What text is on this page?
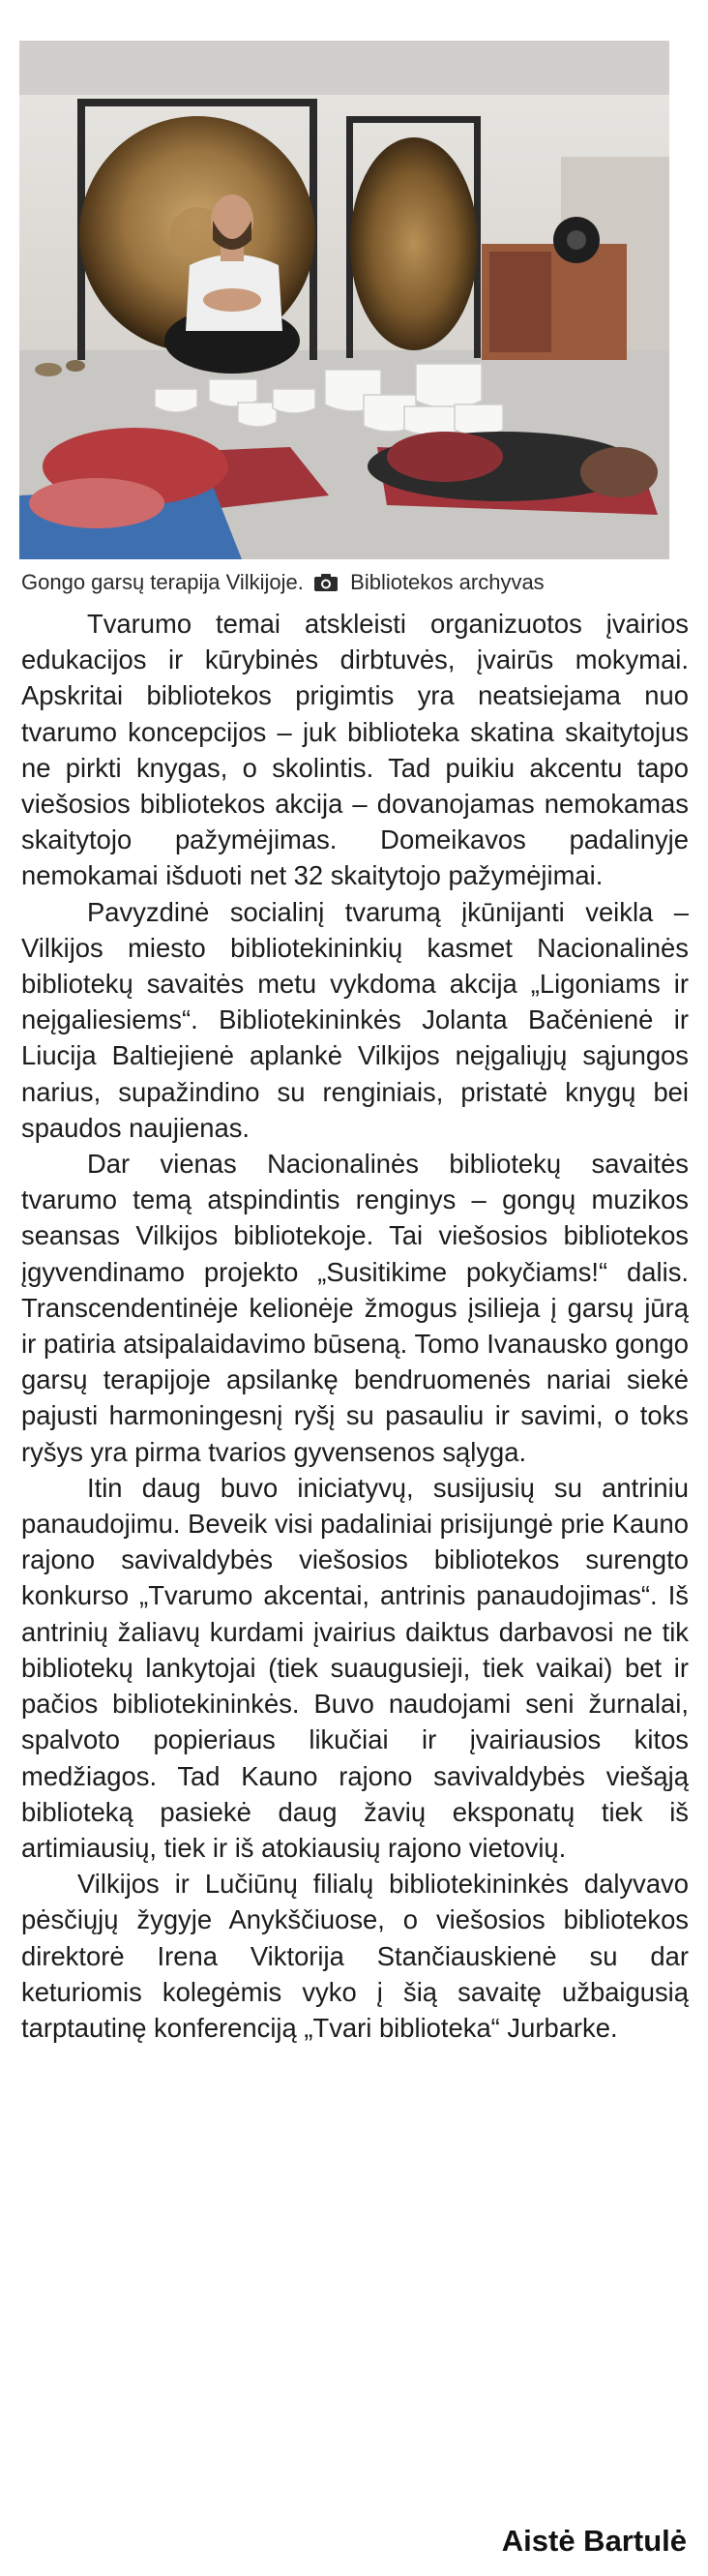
Gongo garsų terapija Vilkijoje. Bibliotekos archyvas

Tvarumo temai atskleisti organizuotos įvairios edukacijos ir kūrybinės dirbtuvės, įvairūs mokymai. Apskritai bibliotekos prigimtis yra neatsiejama nuo tvarumo koncepcijos – juk biblioteka skatina skaitytojus ne pirkti knygas, o skolintis. Tad puikiu akcentu tapo viešosios bibliotekos akcija – dovanojamas nemokamas skaitytojo pažymėjimas. Domeikavos padalinyje nemokamai išduoti net 32 skaitytojo pažymėjimai.

Pavyzdinė socialinį tvarumą įkūnijanti veikla – Vilkijos miesto bibliotekininkių kasmet Nacionalinės bibliotekų savaitės metu vykdoma akcija „Ligoniams ir neįgaliesiems“. Bibliotekininkės Jolanta Bačėnienė ir Liucija Baltiejienė aplankė Vilkijos neįgaliųjų sąjungos narius, supažindino su renginiais, pristatė knygų bei spaudos naujienas.

Dar vienas Nacionalinės bibliotekų savaitės tvarumo temą atspindintis renginys – gongų muzikos seansas Vilkijos bibliotekoje. Tai viešosios bibliotekos įgyvendinamo projekto „Susitikime pokyčiams!“ dalis. Transcendentinėje kelionėje žmogus įsilieja į garsų jūrą ir patiria atsipalaidavimo būseną. Tomo Ivanausko gongo garsų terapijoje apsilankę bendruomenės nariai siekė pajusti harmoningesnį ryšį su pasauliu ir savimi, o toks ryšys yra pirma tvarios gyvensenos sąlyga.

Itin daug buvo iniciatyvų, susijusių su antriniu panaudojimu. Beveik visi padaliniai prisijungė prie Kauno rajono savivaldybės viešosios bibliotekos surengto konkurso „Tvarumo akcentai, antrinis panaudojimas“. Iš antrinių žaliavų kurdami įvairius daiktus darbavosi ne tik bibliotekų lankytojai (tiek suaugusieji, tiek vaikai) bet ir pačios bibliotekininkės. Buvo naudojami seni žurnalai, spalvoto popieriaus likučiai ir įvairiausios kitos medžiagos. Tad Kauno rajono savivaldybės viešąją biblioteką pasiekė daug žavių eksponatų tiek iš artimiausių, tiek ir iš atokiausių rajono vietovių.

Vilkijos ir Lučiūnų filialų bibliotekininkės dalyvavo pėsčiųjų žygyje Anykščiuose, o viešosios bibliotekos direktorė Irena Viktorija Stančiauskienė su dar keturiomis kolegėmis vyko į šią savaitę užbaigusią tarptautinę konferenciją „Tvari biblioteka“ Jurbarke.

Aistė Bartulė
